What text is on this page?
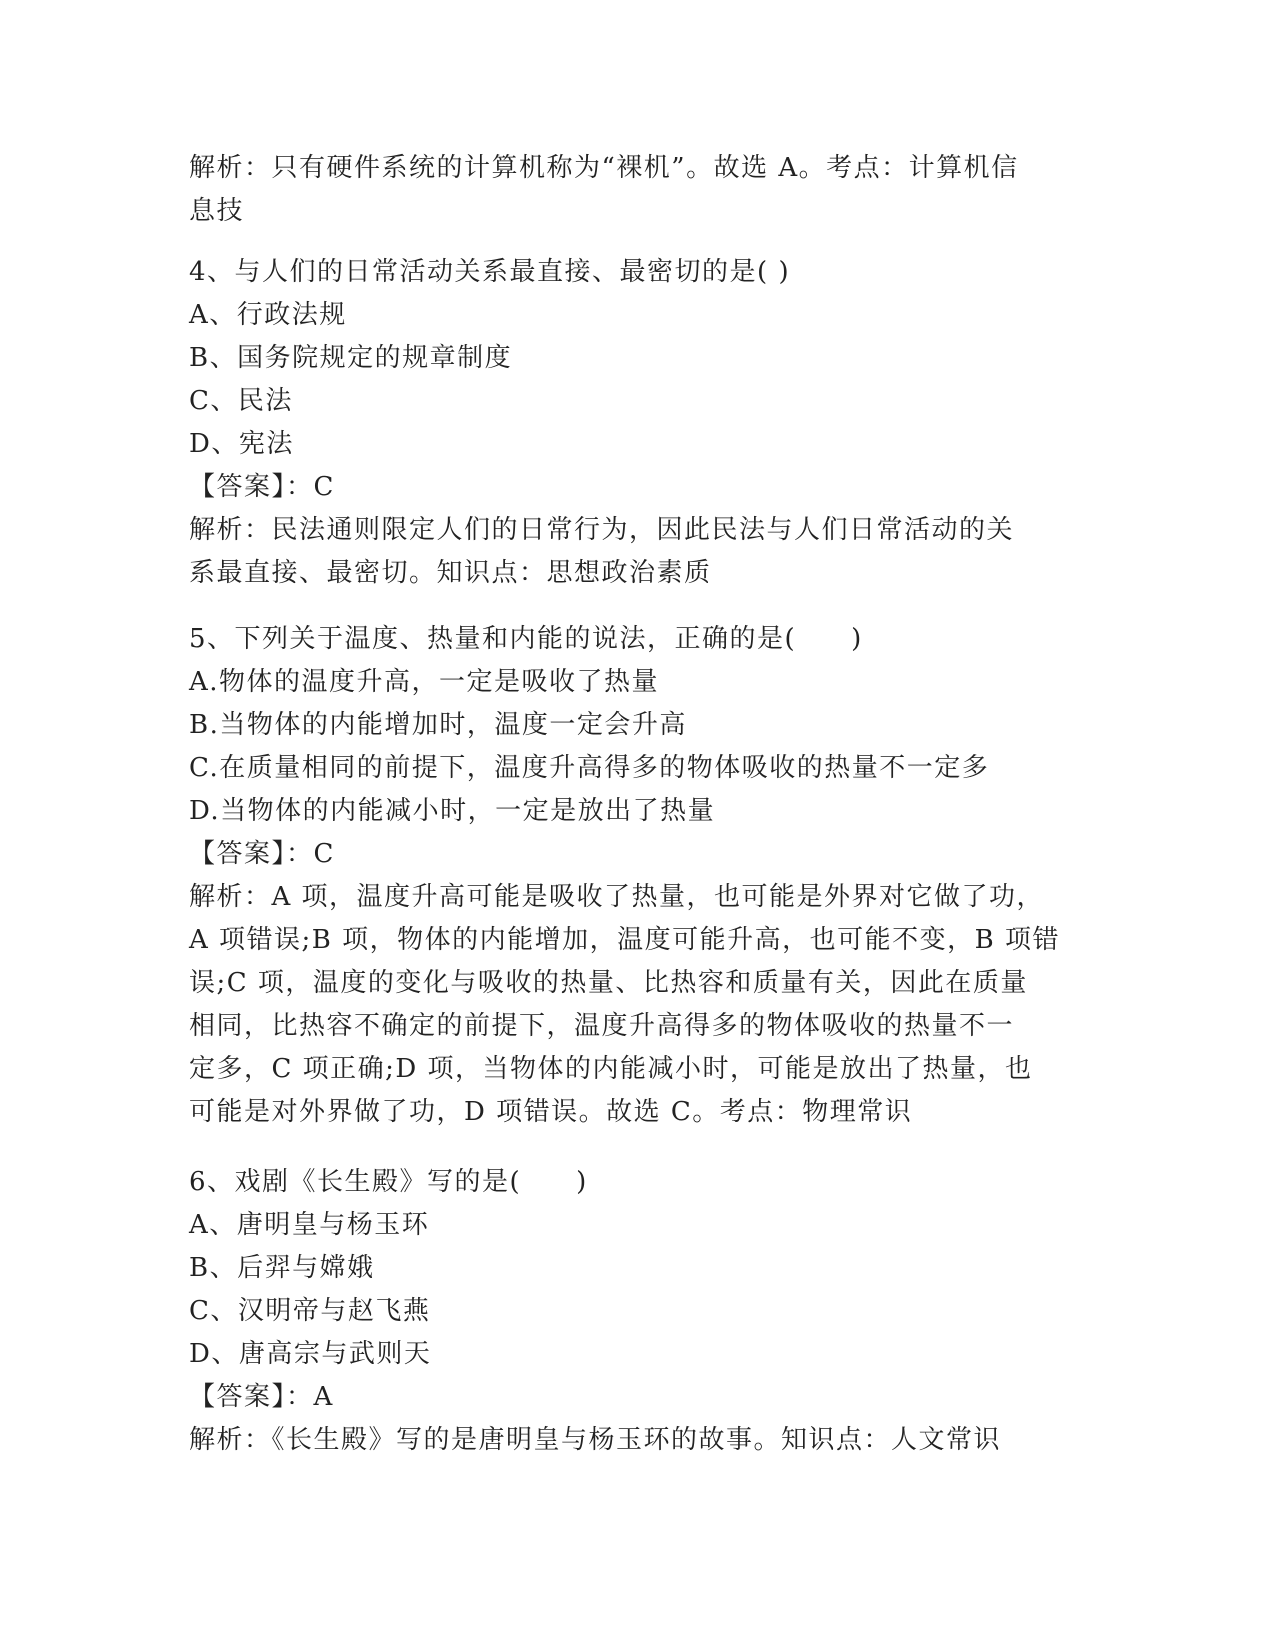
解析：只有硬件系统的计算机称为“裸机”。故选 A。考点：计算机信
息技
4、与人们的日常活动关系最直接、最密切的是( )
A、行政法规
B、国务院规定的规章制度
C、民法
D、宪法
【答案】：C
解析：民法通则限定人们的日常行为，因此民法与人们日常活动的关
系最直接、最密切。知识点：思想政治素质
5、下列关于温度、热量和内能的说法，正确的是(　　)
A.物体的温度升高，一定是吸收了热量
B.当物体的内能增加时，温度一定会升高
C.在质量相同的前提下，温度升高得多的物体吸收的热量不一定多
D.当物体的内能减小时，一定是放出了热量
【答案】：C
解析：A 项，温度升高可能是吸收了热量，也可能是外界对它做了功，
A 项错误;B 项，物体的内能增加，温度可能升高，也可能不变，B 项错
误;C 项，温度的变化与吸收的热量、比热容和质量有关，因此在质量
相同，比热容不确定的前提下，温度升高得多的物体吸收的热量不一
定多，C 项正确;D 项，当物体的内能减小时，可能是放出了热量，也
可能是对外界做了功，D 项错误。故选 C。考点：物理常识
6、戏剧《长生殿》写的是(　　)
A、唐明皇与杨玉环
B、后羿与嫦娥
C、汉明帝与赵飞燕
D、唐高宗与武则天
【答案】：A
解析：《长生殿》写的是唐明皇与杨玉环的故事。知识点：人文常识
